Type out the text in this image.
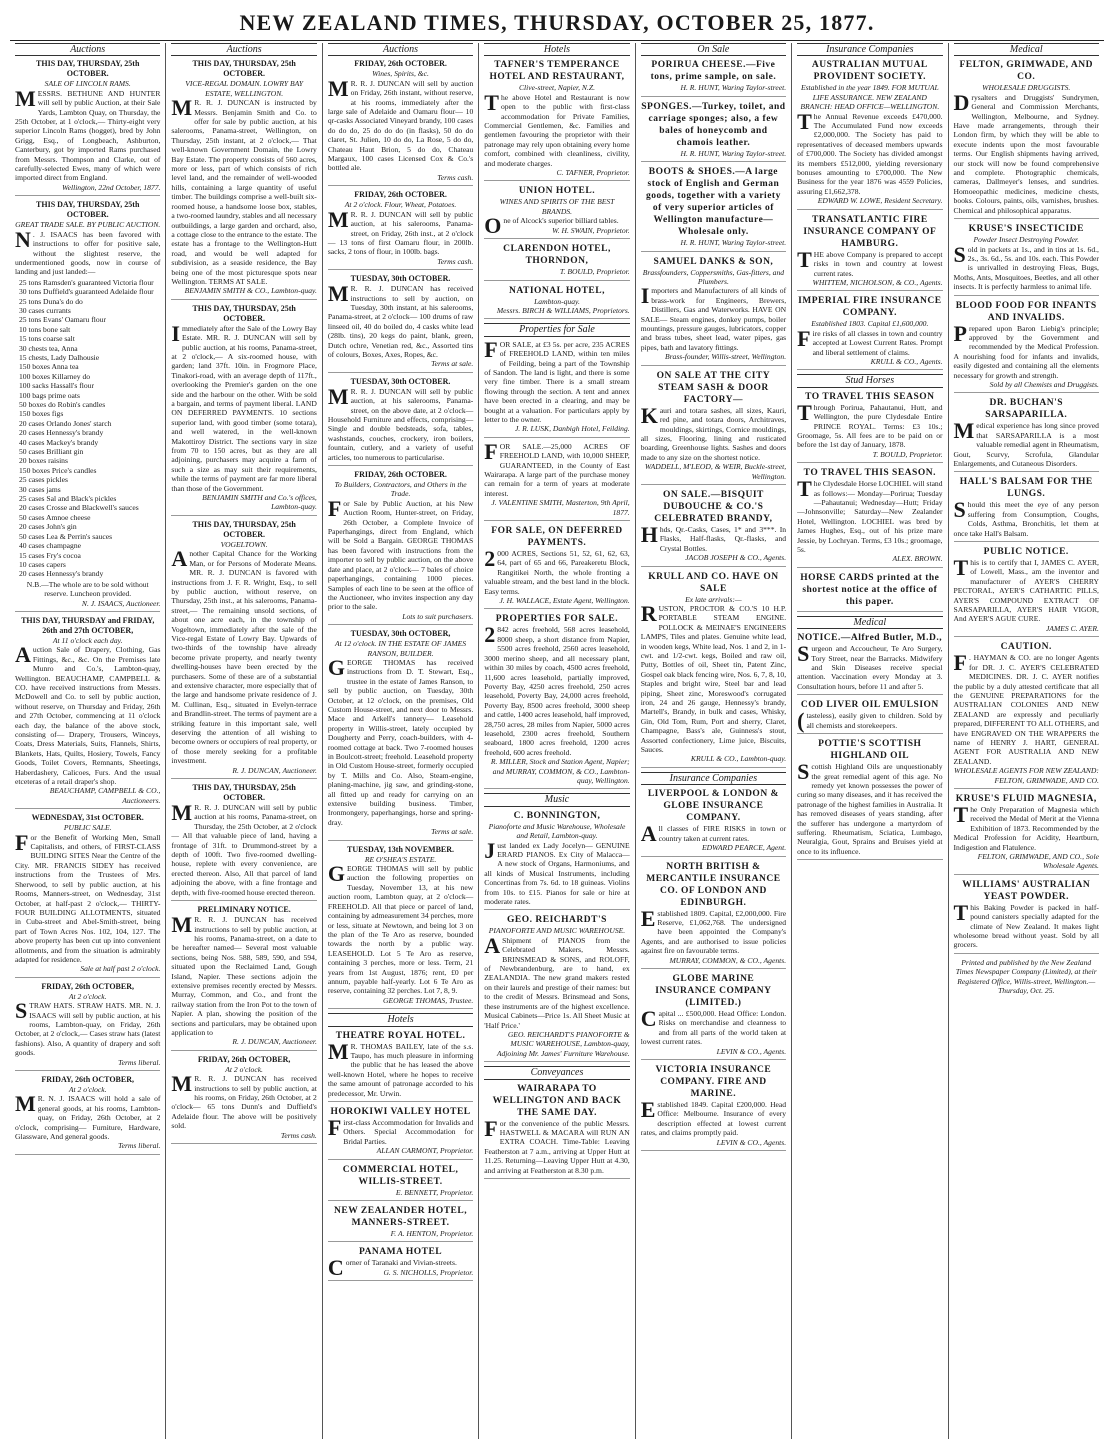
NEW ZEALAND TIMES, THURSDAY, OCTOBER 25, 1877.
Auctions
THIS DAY, THURSDAY, 25th OCTOBER.
SALE OF LINCOLN RAMS.

MESSRS. BETHUNE AND HUNTER will sell by public Auction, at their Sale Yards, Lambton Quay, on Thursday, the 25th October, at 1 o'clock,— Thirty-eight very superior Lincoln Rams (hogget), bred by John Grigg, Esq., of Longbeach, Ashburton, Canterbury, got by imported Rams purchased from Messrs. Thompson and Clarke, out of carefully-selected Ewes, many of which were imported direct from England.

Wellington, 22nd October, 1877.
THIS DAY, THURSDAY, 25th OCTOBER.
GREAT TRADE SALE. BY PUBLIC AUCTION.

N . J. ISAACS has been favored with instructions to offer for positive sale, without the slightest reserve, the undermentioned goods, now in course of landing and just landed:—

25 tons Ramsden's guaranteed Victoria flour
30 tons Duffield's guaranteed Adelaide flour
25 tons Duna's do do
30 cases currants
25 tons Evans' Oamaru flour
10 tons bone salt
15 tons coarse salt
30 chests tea, Anna
15 chests, Lady Dalhousie
150 boxes Anna tea
100 boxes Killarney do
100 sacks Hassall's flour
100 bags prime oats
50 boxes do Robin's candles
150 boxes figs
20 cases Orlando Jones' starch
20 cases Hennessy's brandy
40 cases Mackey's brandy
50 cases Brilliant gin
20 boxes raisins
150 boxes Price's candles
25 cases pickles
30 cases jams
25 cases Sal and Black's pickles
20 cases Crosse and Blackwell's sauces
50 cases Amnoe cheese
20 cases John's gin
50 cases Lea & Perrin's sauces
40 cases champagne
15 cases Fry's cocoa
10 cases capers
20 cases Hennessy's brandy
N.B.—The whole are to be sold without reserve. Luncheon provided.
N. J. ISAACS, Auctioneer.
THIS DAY, THURSDAY and FRIDAY, 26th and 27th OCTOBER,
At 11 o'clock each day.

Auction Sale of Drapery, Clothing, Gas Fittings, &c., &c. On the Premises late Munro and Co.'s, Lambton-quay, Wellington. BEAUCHAMP, CAMPBELL & CO. have received instructions from Messrs. McDowell and Co. to sell by public auction, without reserve, on Thursday and Friday, 26th and 27th October, commencing at 11 o'clock each day, the balance of the above stock, consisting of— Drapery, Trousers, Winceys, Coats, Dress Materials, Suits, Flannels, Shirts, Blankets, Hats, Quilts, Hosiery, Towels, Fancy Goods, Toilet Covers, Remnants, Sheetings, Haberdashery, Calicoes, Furs. And the usual etceteras of a retail draper's shop.

BEAUCHAMP, CAMPBELL & CO., Auctioneers.
WEDNESDAY, 31st OCTOBER.
PUBLIC SALE.

For the Benefit of Working Men, Small Capitalists, and others, of FIRST-CLASS BUILDING SITES Near the Centre of the City. MR. FRANCIS SIDEY has received instructions from the Trustees of Mrs. Sherwood, to sell by public auction, at his Rooms, Manners-street, on Wednesday, 31st October, at half-past 2 o'clock,— THIRTY-FOUR BUILDING ALLOTMENTS, situated in Cuba-street and Abel-Smith-street, being part of Town Acres Nos. 102, 104, 127. The above property has been cut up into convenient allotments, and from the situation is admirably adapted for residence.

Sale at half past 2 o'clock.
FRIDAY, 26th OCTOBER,
At 2 o'clock.

STRAW HATS. STRAW HATS. MR. N. J. ISAACS will sell by public auction, at his rooms, Lambton-quay, on Friday, 26th October, at 2 o'clock,— Cases straw hats (latest fashions). Also, A quantity of drapery and soft goods.

Terms liberal.
FRIDAY, 26th OCTOBER,
At 2 o'clock.

M R. N. J. ISAACS will hold a sale of general goods, at his rooms, Lambton-quay, on Friday, 26th October, at 2 o'clock, comprising— Furniture, Hardware, Glassware, And general goods.

Terms liberal.
Auctions
THIS DAY, THURSDAY, 25th OCTOBER.
VICE-REGAL DOMAIN. LOWRY BAY ESTATE, WELLINGTON.

M R. R. J. DUNCAN is instructed by Messrs. Benjamin Smith and Co. to offer for sale by public auction, at his salerooms, Panama-street, Wellington, on Thursday, 25th instant, at 2 o'clock,— That well-known Government Domain, the Lowry Bay Estate. The property consists of 560 acres, more or less, part of which consists of rich level land, and the remainder of well-wooded hills, containing a large quantity of useful timber. The buildings comprise a well-built six-roomed house, a handsome loose box, stables, a two-roomed laundry, stables and all necessary outbuildings, a large garden and orchard, also, a cottage close to the entrance to the estate. The estate has a frontage to the Wellington-Hutt road, and would be well adapted for subdivision, as a seaside residence, the Bay being one of the most picturesque spots near Wellington. TERMS AT SALE.

BENJAMIN SMITH & CO., Lambton-quay.
THIS DAY, THURSDAY, 25th OCTOBER.

Immediately after the Sale of the Lowry Bay Estate. MR. R. J. DUNCAN will sell by public auction, at his rooms, Panama-street, at 2 o'clock,— A six-roomed house, with garden; land 37ft. 10in. in Frogmore Place, Tinakori-road, with an average depth of 117ft., overlooking the Premier's garden on the one side and the harbour on the other. With be sold a bargain, and terms of payment liberal. LAND ON DEFERRED PAYMENTS. 10 sections superior land, with good timber (some totara), and well watered, in the well-known Makottiroy District. The sections vary in size from 70 to 150 acres, but as they are all adjoining, purchasers may acquire a farm of such a size as may suit their requirements, while the terms of payment are far more liberal than those of the Government.

BENJAMIN SMITH and Co.'s offices, Lambton-quay.
THIS DAY, THURSDAY, 25th OCTOBER.
VOGELTOWN.

Another Capital Chance for the Working Man, or for Persons of Moderate Means. MR. R. J. DUNCAN is favored with instructions from J. F. R. Wright, Esq., to sell by public auction, without reserve, on Thursday, 25th inst., at his salerooms, Panama-street,— The remaining unsold sections, of about one acre each, in the township of Vogeltown, immediately after the sale of the Vice-regal Estate of Lowry Bay. Upwards of two-thirds of the township have already become private property, and nearly twenty dwelling-houses have been erected by the purchasers. Some of these are of a substantial and extensive character, more especially that of the large and handsome private residence of J. M. Cullinan, Esq., situated in Evelyn-terrace and Brandlin-street. The terms of payment are a striking feature in this important sale, well deserving the attention of all wishing to become owners or occupiers of real property, or of those merely seeking for a profitable investment.

R. J. DUNCAN, Auctioneer.
THIS DAY, THURSDAY, 25th OCTOBER.

M R. R. J. DUNCAN will sell by public auction at his rooms, Panama-street, on Thursday, the 25th October, at 2 o'clock— All that valuable piece of land, having a frontage of 31ft. to Drummond-street by a depth of 100ft. Two five-roomed dwelling-house, replete with every convenience, are erected thereon. Also, All that parcel of land adjoining the above, with a fine frontage and depth, with five-roomed house erected thereon.

PRELIMINARY NOTICE.

M R. R. J. DUNCAN has received instructions to sell by public auction, at his rooms, Panama-street, on a date to be hereafter named— Several most valuable sections, being Nos. 588, 589, 590, and 594, situated upon the Reclaimed Land, Gough Island, Napier. These sections adjoin the extensive premises recently erected by Messrs. Murray, Common, and Co., and front the railway station from the Iron Pot to the town of Napier. A plan, showing the position of the sections and particulars, may be obtained upon application to

R. J. DUNCAN, Auctioneer.
FRIDAY, 26th OCTOBER,
At 2 o'clock.

M R. R. J. DUNCAN has received instructions to sell by public auction, at his rooms, on Friday, 26th October, at 2 o'clock— 65 tons Dunn's and Duffield's Adelaide flour. The above will be positively sold.

Terms cash.
Auctions
FRIDAY, 26th OCTOBER.
Wines, Spirits, &c.

M R. R. J. DUNCAN will sell by auction on Friday, 26th instant, without reserve, at his rooms, immediately after the large sale of Adelaide and Oamaru flour— 10 qr-casks Associated Vineyard brandy, 100 cases do do do, 25 do do do (in flasks), 50 do do claret, St. Julien, 10 do do, La Rose, 5 do do, Chateau Haut Brion, 5 do do, Chateau Margaux, 100 cases Licensed Cox & Co.'s bottled ale.

Terms cash.
FRIDAY, 26th OCTOBER.
At 2 o'clock. Flour, Wheat, Potatoes.

M R. R. J. DUNCAN will sell by public auction, at his salerooms, Panama-street, on Friday, 26th inst., at 2 o'clock— 13 tons of first Oamaru flour, in 200lb. sacks, 2 tons of flour, in 100lb. bags.

Terms cash.
TUESDAY, 30th OCTOBER.

M R. R. J. DUNCAN has received instructions to sell by auction, on Tuesday, 30th instant, at his salerooms, Panama-street, at 2 o'clock— 100 drums of raw linseed oil, 40 do boiled do, 4 casks white lead (28lb. tins), 20 kegs do paint, blank, green, Dutch ochre, Venetian red, &c., Assorted tins of colours, Boxes, Axes, Ropes, &c.

Terms at sale.
TUESDAY, 30th OCTOBER.

M R. R. J. DUNCAN will sell by public auction, at his salerooms, Panama-street, on the above date, at 2 o'clock— Household Furniture and effects, comprising— Single and double bedsteads, sofa, tables, washstands, couches, crockery, iron boilers, fountain, cutlery, and a variety of useful articles, too numerous to particularise.

FRIDAY, 26th OCTOBER.
To Builders, Contractors, and Others in the Trade.

For Sale by Public Auction, at his New Auction Room, Hunter-street, on Friday, 26th October, a Complete Invoice of Paperhangings, direct from England, which will be Sold a Bargain. GEORGE THOMAS has been favored with instructions from the importer to sell by public auction, on the above date and place, at 2 o'clock— 7 bales of choice paperhangings, containing 1000 pieces. Samples of each line to be seen at the office of the Auctioneer, who invites inspection any day prior to the sale.

Lots to suit purchasers.
TUESDAY, 30th OCTOBER,
At 12 o'clock. IN THE ESTATE OF JAMES RANSON, BUILDER.

GEORGE THOMAS has received instructions from D. T. Stewart, Esq., trustee in the estate of James Ranson, to sell by public auction, on Tuesday, 30th October, at 12 o'clock, on the premises, Old Custom House-street, and next door to Messrs. Mace and Arkell's tannery— Leasehold property in Willis-street, lately occupied by Dougherty and Perry, coach-builders, with 4-roomed cottage at back. Two 7-roomed houses in Boulcott-street; freehold. Leasehold property in Old Custom House-street, formerly occupied by T. Mills and Co. Also, Steam-engine, planing-machine, jig saw, and grinding-stone, all fitted up and ready for carrying on an extensive building business. Timber, Ironmongery, paperhangings, horse and spring-dray.

Terms at sale.
TUESDAY, 13th NOVEMBER.
RE O'SHEA'S ESTATE.

GEORGE THOMAS will sell by public auction the following properties on Tuesday, November 13, at his new auction room, Lambton quay, at 2 o'clock— FREEHOLD. All that piece or parcel of land, containing by admeasurement 34 perches, more or less, situate at Newtown, and being lot 3 on the plan of the Te Aro as reserve, bounded towards the north by a public way. LEASEHOLD. Lot 5 Te Aro as reserve, containing 3 perches, more or less. Term, 21 years from 1st August, 1876; rent, £0 per annum, payable half-yearly. Lot 6 Te Aro as reserve, containing 32 perches. Lot 7, 8, 9.

GEORGE THOMAS, Trustee.
Hotels
THEATRE ROYAL HOTEL.

M R. THOMAS BAILEY, late of the s.s. Taupo, has much pleasure in informing the public that he has leased the above well-known Hotel, where he hopes to receive the same amount of patronage accorded to his predecessor, Mr. Urwin.

HOROKIWI VALLEY HOTEL

First-class Accommodation for Invalids and Others. Special Accommodation for Bridal Parties.

ALLAN CARMONT, Proprietor.
COMMERCIAL HOTEL, WILLIS-STREET.
E. BENNETT, Proprietor.
NEW ZEALANDER HOTEL, MANNERS-STREET.
F. A. HENTON, Proprietor.
PANAMA HOTEL

Corner of Taranaki and Vivian-streets.

G. S. NICHOLLS, Proprietor.
Hotels
TAFNER'S TEMPERANCE HOTEL AND RESTAURANT,
Clive-street, Napier, N.Z.

The above Hotel and Restaurant is now open to the public with first-class accommodation for Private Families, Commercial Gentlemen, &c. Families and gentlemen favouring the proprietor with their patronage may rely upon obtaining every home comfort, combined with cleanliness, civility, and moderate charges.

C. TAFNER, Proprietor.
UNION HOTEL.
WINES AND SPIRITS OF THE BEST BRANDS.

One of Alcock's superior billiard tables.

W. H. SWAIN, Proprietor.
CLARENDON HOTEL, THORNDON,
T. BOULD, Proprietor.
NATIONAL HOTEL,
Lambton-quay.
Messrs. BIRCH & WILLIAMS, Proprietors.
Properties for Sale

FOR SALE, at £3 5s. per acre, 235 ACRES of FREEHOLD LAND, within ten miles of Feilding, being a part of the Township of Sandon. The land is light, and there is some very fine timber. There is a small stream flowing through the section. A tent and annex have been erected in a clearing, and may be bought at a valuation. For particulars apply by letter to the owner.

J. R. LUSK, Danbigh Hotel, Feilding.

FOR SALE.—25,000 ACRES OF FREEHOLD LAND, with 10,000 SHEEP, GUARANTEED, in the County of East Wairarapa. A large part of the purchase money can remain for a term of years at moderate interest.

J. VALENTINE SMITH, Masterton, 9th April, 1877.
FOR SALE, ON DEFERRED PAYMENTS.

2 000 ACRES, Sections 51, 52, 61, 62, 63, 64, part of 65 and 66, Pareakeretu Block, Rangitikei North, the whole fronting a valuable stream, and the best land in the block. Easy terms.

J. H. WALLACE, Estate Agent, Wellington.
PROPERTIES FOR SALE.

2 842 acres freehold, 568 acres leasehold, 8000 sheep, a short distance from Napier, 5500 acres freehold, 2560 acres leasehold, 3000 merino sheep, and all necessary plant, within 30 miles by coach, 4500 acres freehold, 11,600 acres leasehold, partially improved, Poverty Bay, 4250 acres freehold, 250 acres leasehold, Poverty Bay, 24,000 acres freehold, Poverty Bay, 8500 acres freehold, 3000 sheep and cattle, 1400 acres leasehold, half improved, 28,750 acres, 28 miles from Napier, 5000 acres leasehold, 2300 acres freehold, Southern seaboard, 1800 acres freehold, 1200 acres freehold, 600 acres freehold.

R. MILLER, Stock and Station Agent, Napier; and MURRAY, COMMON, & CO., Lambton-quay, Wellington.
Music
C. BONNINGTON,
Pianoforte and Music Warehouse, Wholesale and Retail, Lambton-quay.

Just landed ex Lady Jocelyn— GENUINE ERARD PIANOS. Ex City of Malacca— A new stock of Organs, Harmoniums, and all kinds of Musical Instruments, including Concertinas from 7s. 6d. to 18 guineas. Violins from 10s. to £15. Pianos for sale or hire at moderate rates.

GEO. REICHARDT'S
PIANOFORTE AND MUSIC WAREHOUSE.

A Shipment of PIANOS from the Celebrated Makers, Messrs. BRINSMEAD & SONS, and ROLOFF, of Newbrandenburg, are to hand, ex ZEALANDIA. The new grand makers rested on their laurels and prestige of their names: but to the credit of Messrs. Brinsmead and Sons, these instruments are of the highest excellence. Musical Cabinets—Price 1s. All Sheet Music at 'Half Price.'

GEO. REICHARDT'S PIANOFORTE & MUSIC WAREHOUSE, Lambton-quay, Adjoining Mr. James' Furniture Warehouse.
Conveyances
WAIRARAPA TO WELLINGTON AND BACK THE SAME DAY.

For the convenience of the public Messrs. HASTWELL & MACARA will RUN AN EXTRA COACH. Time-Table: Leaving Featherston at 7 a.m., arriving at Upper Hutt at 11.25. Returning—Leaving Upper Hutt at 4.30, and arriving at Featherston at 8.30 p.m.

On Sale
PORIRUA CHEESE.—Five tons, prime sample, on sale.
H. R. HUNT, Waring Taylor-street.
SPONGES.—Turkey, toilet, and carriage sponges; also, a few bales of honeycomb and chamois leather.
H. R. HUNT, Waring Taylor-street.
BOOTS & SHOES.—A large stock of English and German goods, together with a variety of very superior articles of Wellington manufacture—Wholesale only.
H. R. HUNT, Waring Taylor-street.
SAMUEL DANKS & SON,
Brassfounders, Coppersmiths, Gas-fitters, and Plumbers.

Importers and Manufacturers of all kinds of brass-work for Engineers, Brewers, Distillers, Gas and Waterworks. HAVE ON SALE— Steam engines, donkey pumps, boiler mountings, pressure gauges, lubricators, copper and brass tubes, sheet lead, water pipes, gas pipes, bath and lavatory fittings.

Brass-founder, Willis-street, Wellington.
ON SALE AT THE CITY STEAM SASH & DOOR FACTORY—

Kauri and totara sashes, all sizes, Kauri, red pine, and totara doors, Architraves, mouldings, skirtings, Cornice mouldings, all sizes, Flooring, lining and rusticated boarding, Greenhouse lights. Sashes and doors made to any size on the shortest notice.

WADDELL, M'LEOD, & WEIR, Buckle-street, Wellington.
ON SALE.—BISQUIT DUBOUCHE & CO.'S CELEBRATED BRANDY,

Hhds, Qr.-Casks, Cases, 1* and 3***. In Flasks, Half-flasks, Qr.-flasks, and Crystal Bottles.

JACOB JOSEPH & CO., Agents.
KRULL AND CO. HAVE ON SALE
Ex late arrivals:—

RUSTON, PROCTOR & CO.'S 10 H.P. PORTABLE STEAM ENGINE. POLLOCK & MEINAE'S ENGINEERS LAMPS, Tiles and plates. Genuine white lead, in wooden kegs, White lead, Nos. 1 and 2, in 1-cwt. and 1/2-cwt. kegs, Boiled and raw oil, Putty, Bottles of oil, Sheet tin, Patent Zinc, Gospel oak black fencing wire, Nos. 6, 7, 8, 10, Staples and bright wire, Steel bar and lead piping, Sheet zinc, Moreswood's corrugated iron, 24 and 26 gauge, Hennessy's brandy, Martell's, Brandy, in bulk and cases, Whisky, Gin, Old Tom, Rum, Port and sherry, Claret, Champagne, Bass's ale, Guinness's stout, Assorted confectionery, Lime juice, Biscuits, Sauces.

KRULL & CO., Lambton-quay.
Insurance Companies
LIVERPOOL & LONDON & GLOBE INSURANCE COMPANY.

All classes of FIRE RISKS in town or country taken at current rates.

EDWARD PEARCE, Agent.
NORTH BRITISH & MERCANTILE INSURANCE CO. OF LONDON AND EDINBURGH.

Established 1809. Capital, £2,000,000. Fire Reserve, £1,062,768. The undersigned have been appointed the Company's Agents, and are authorised to issue policies against fire on favourable terms.

MURRAY, COMMON, & CO., Agents.
GLOBE MARINE INSURANCE COMPANY (LIMITED.)

Capital ... £500,000. Head Office: London. Risks on merchandise and cleanness to and from all parts of the world taken at lowest current rates.

LEVIN & CO., Agents.
VICTORIA INSURANCE COMPANY. FIRE AND MARINE.

Established 1849. Capital £200,000. Head Office: Melbourne. Insurance of every description effected at lowest current rates, and claims promptly paid.

LEVIN & CO., Agents.
Insurance Companies
AUSTRALIAN MUTUAL PROVIDENT SOCIETY.
Established in the year 1849. FOR MUTUAL LIFE ASSURANCE. NEW ZEALAND BRANCH: HEAD OFFICE—WELLINGTON.

The Annual Revenue exceeds £470,000. The Accumulated Fund now exceeds £2,000,000. The Society has paid to representatives of deceased members upwards of £700,000. The Society has divided amongst its members £512,000, yielding reversionary bonuses amounting to £700,000. The New Business for the year 1876 was 4559 Policies, assuring £1,662,378.

EDWARD W. LOWE, Resident Secretary.
TRANSATLANTIC FIRE INSURANCE COMPANY OF HAMBURG.

THE above Company is prepared to accept risks in town and country at lowest current rates.

WHITTEM, NICHOLSON, & CO., Agents.
IMPERIAL FIRE INSURANCE COMPANY.
Established 1803. Capital £1,600,000.

Fire risks of all classes in town and country accepted at Lowest Current Rates. Prompt and liberal settlement of claims.

KRULL & CO., Agents.
Stud Horses
TO TRAVEL THIS SEASON

Through Porirua, Pahautanui, Hutt, and Wellington, the pure Clydesdale Entire PRINCE ROYAL. Terms: £3 10s.; Groomage, 5s. All fees are to be paid on or before the 1st day of January, 1878.

T. BOULD, Proprietor.
TO TRAVEL THIS SEASON.

The Clydesdale Horse LOCHIEL will stand as follows:— Monday—Porirua; Tuesday—Pahautanui; Wednesday—Hutt; Friday—Johnsonville; Saturday—New Zealander Hotel, Wellington. LOCHIEL was bred by James Hughes, Esq., out of his prize mare Jessie, by Lochryan. Terms, £3 10s.; groomage, 5s.

ALEX. BROWN.
HORSE CARDS printed at the shortest notice at the office of this paper.
Medical
NOTICE.—Alfred Butler, M.D.,

Surgeon and Accoucheur, Te Aro Surgery, Tory Street, near the Barracks. Midwifery and Skin Diseases receive special attention. Vaccination every Monday at 3. Consultation hours, before 11 and after 5.

COD LIVER OIL EMULSION

( tasteless), easily given to children. Sold by all chemists and storekeepers.

POTTIE'S SCOTTISH HIGHLAND OIL

Scottish Highland Oils are unquestionably the great remedial agent of this age. No remedy yet known possesses the power of curing so many diseases, and it has received the patronage of the highest families in Australia. It has removed diseases of years standing, after the sufferer has undergone a martyrdom of suffering. Rheumatism, Sciatica, Lumbago, Neuralgia, Gout, Sprains and Bruises yield at once to its influence.

Medical
FELTON, GRIMWADE, AND CO.
WHOLESALE DRUGGISTS.

Drysalters and Druggists' Sundrymen, General and Commission Merchants, Wellington, Melbourne, and Sydney. Have made arrangements, through their London firm, by which they will be able to execute indents upon the most favourable terms. Our English shipments having arrived, our stock will now be found comprehensive and complete. Photographic chemicals, cameras, Dallmeyer's lenses, and sundries. Homoeopathic medicines, medicine chests, books. Colours, paints, oils, varnishes, brushes. Chemical and philosophical apparatus.

KRUSE'S INSECTICIDE
Powder Insect Destroying Powder.

Sold in packets at 1s., and in tins at 1s. 6d., 2s., 3s. 6d., 5s. and 10s. each. This Powder is unrivalled in destroying Fleas, Bugs, Moths, Ants, Mosquitoes, Beetles, and all other insects. It is perfectly harmless to animal life.

BLOOD FOOD FOR INFANTS AND INVALIDS.

Prepared upon Baron Liebig's principle; approved by the Government and recommended by the Medical Profession. A nourishing food for infants and invalids, easily digested and containing all the elements necessary for growth and strength.

Sold by all Chemists and Druggists.
DR. BUCHAN'S SARSAPARILLA.

Medical experience has long since proved that SARSAPARILLA is a most valuable remedial agent in Rheumatism, Gout, Scurvy, Scrofula, Glandular Enlargements, and Cutaneous Disorders.

HALL'S BALSAM FOR THE LUNGS.

Should this meet the eye of any person suffering from Consumption, Coughs, Colds, Asthma, Bronchitis, let them at once take Hall's Balsam.

PUBLIC NOTICE.

This is to certify that I, JAMES C. AYER, of Lowell, Mass., am the inventor and manufacturer of AYER'S CHERRY PECTORAL, AYER'S CATHARTIC PILLS, AYER'S COMPOUND EXTRACT OF SARSAPARILLA, AYER'S HAIR VIGOR, And AYER'S AGUE CURE.

JAMES C. AYER.
CAUTION.

F . HAYMAN & CO. are no longer Agents for DR. J. C. AYER'S CELEBRATED MEDICINES. DR. J. C. AYER notifies the public by a duly attested certificate that all the GENUINE PREPARATIONS for the AUSTRALIAN COLONIES AND NEW ZEALAND are expressly and peculiarly prepared, DIFFERENT TO ALL OTHERS, and have ENGRAVED ON THE WRAPPERS the name of HENRY J. HART, GENERAL AGENT FOR AUSTRALIA AND NEW ZEALAND.

WHOLESALE AGENTS FOR NEW ZEALAND: FELTON, GRIMWADE, AND CO.
KRUSE'S FLUID MAGNESIA,

The Only Preparation of Magnesia which received the Medal of Merit at the Vienna Exhibition of 1873. Recommended by the Medical Profession for Acidity, Heartburn, Indigestion and Flatulence.

FELTON, GRIMWADE, AND CO., Sole Wholesale Agents.
WILLIAMS' AUSTRALIAN YEAST POWDER.

This Baking Powder is packed in half-pound canisters specially adapted for the climate of New Zealand. It makes light wholesome bread without yeast. Sold by all grocers.

Printed and published by the New Zealand Times Newspaper Company (Limited), at their Registered Office, Willis-street, Wellington.—Thursday, Oct. 25.
